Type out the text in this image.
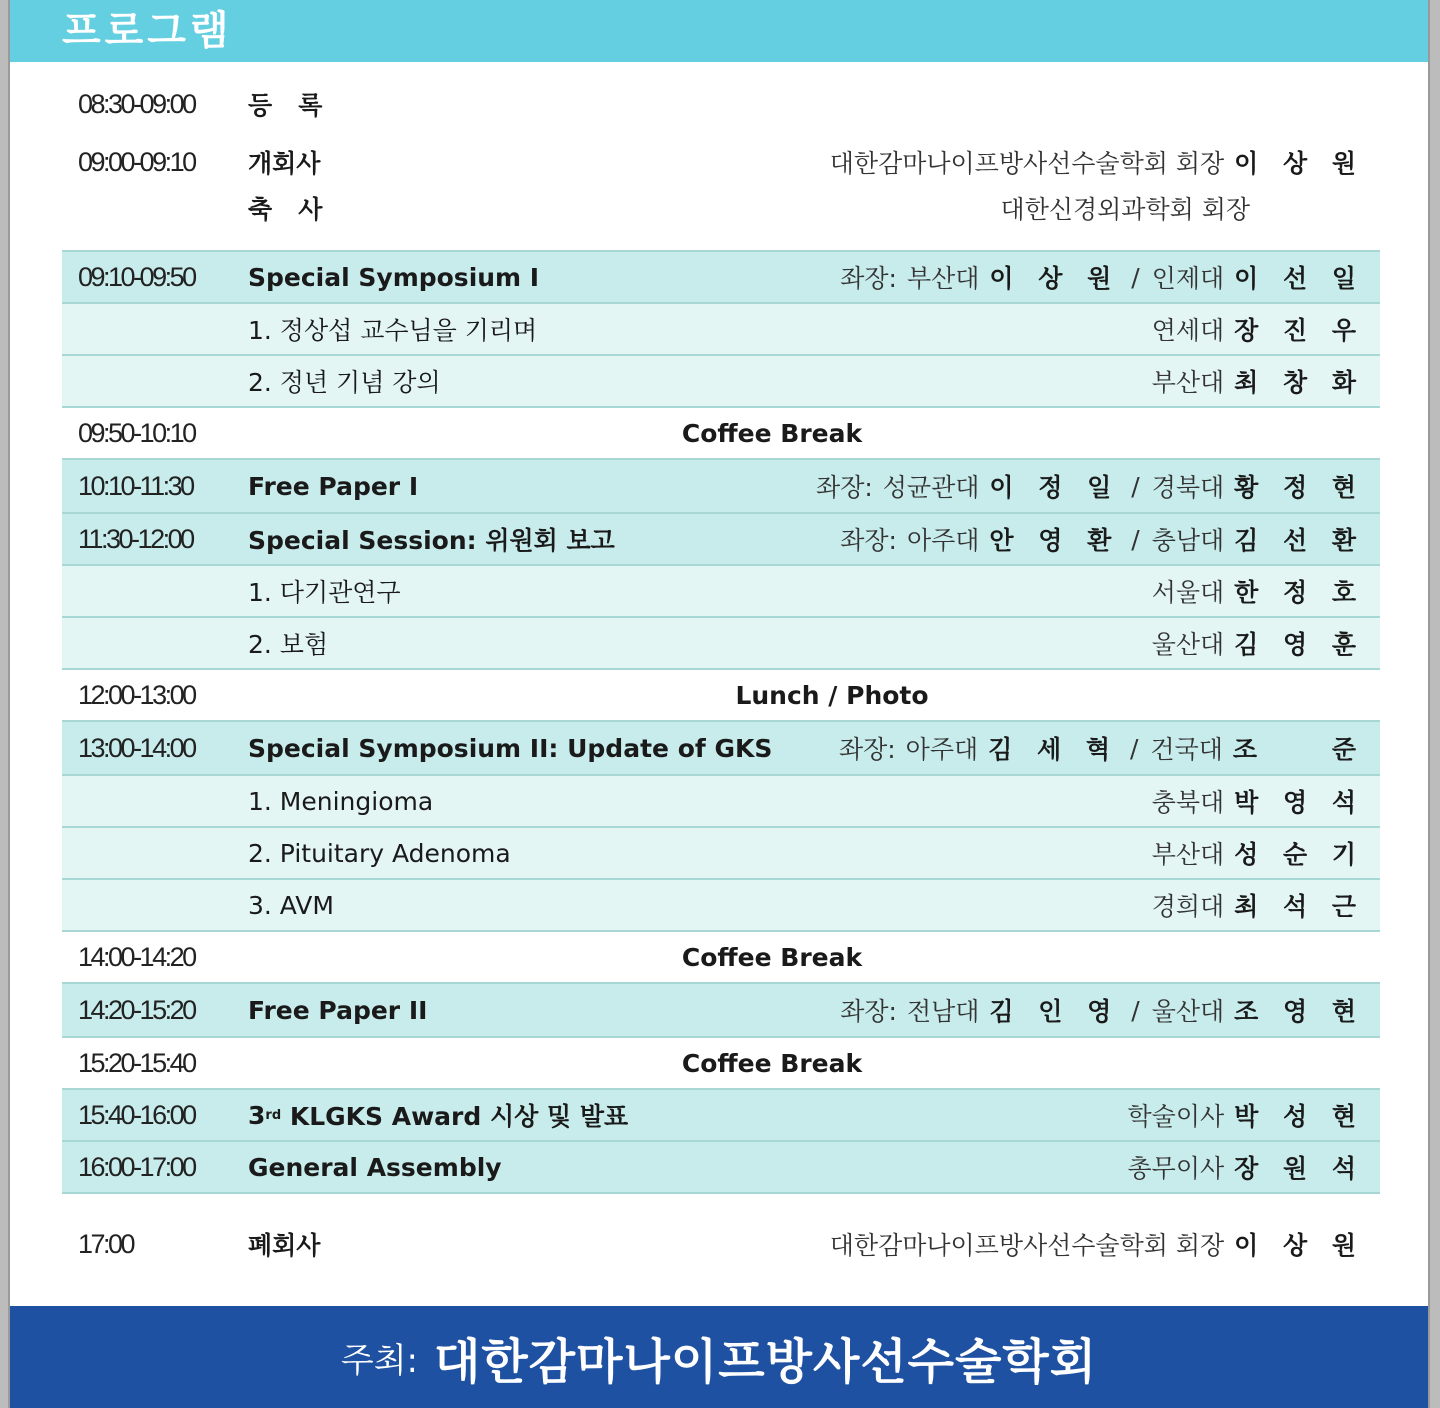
프로그램
08:30-09:00 등   록
09:00-09:10 개회사	대한감마나이프방사선수술학회 회장 이 상 원
축   사	대한신경외과학회 회장
09:10-09:50 Special Symposium I	좌장: 부산대 이 상 원 / 인제대 이 선 일
1. 정상섭 교수님을 기리며	연세대 장 진 우
2. 정년 기념 강의	부산대 최 창 화
09:50-10:10	Coffee Break
10:10-11:30 Free Paper I	좌장: 성균관대 이 정 일 / 경북대 황 정 현
11:30-12:00 Special Session: 위원회 보고	좌장: 아주대 안 영 환 / 충남대 김 선 환
1. 다기관연구	서울대 한 정 호
2. 보험	울산대 김 영 훈
12:00-13:00	Lunch / Photo
13:00-14:00 Special Symposium II: Update of GKS	좌장: 아주대 김 세 혁 / 건국대 조    준
1. Meningioma	충북대 박 영 석
2. Pituitary Adenoma	부산대 성 순 기
3. AVM	경희대 최 석 근
14:00-14:20	Coffee Break
14:20-15:20 Free Paper II	좌장: 전남대 김 인 영 / 울산대 조 영 현
15:20-15:40	Coffee Break
15:40-16:00 3 rd KLGKS Award 시상 및 발표	학술이사 박 성 현
16:00-17:00 General Assembly	총무이사 장 원 석
17:00	폐회사	대한감마나이프방사선수술학회 회장 이 상 원
주최: 대한감마나이프방사선수술학회
